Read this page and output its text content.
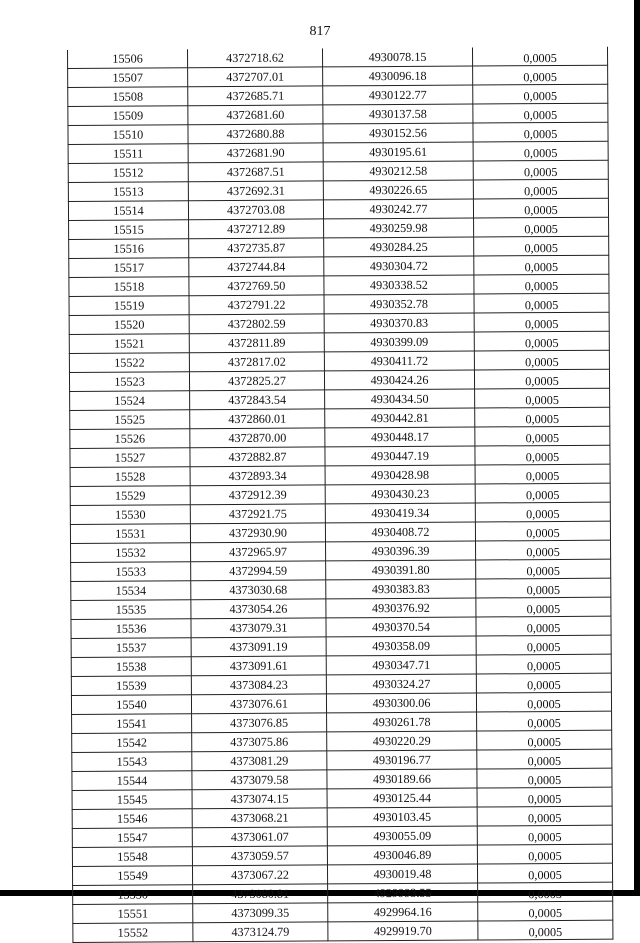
817
15506	4372718.62	4930078.15	0,0005
15507	4372707.01	4930096.18	0,0005
15508	4372685.71	4930122.77	0,0005
15509	4372681.60	4930137.58	0,0005
15510	4372680.88	4930152.56	0,0005
15511	4372681.90	4930195.61	0,0005
15512	4372687.51	4930212.58	0,0005
15513	4372692.31	4930226.65	0,0005
15514	4372703.08	4930242.77	0,0005
15515	4372712.89	4930259.98	0,0005
15516	4372735.87	4930284.25	0,0005
15517	4372744.84	4930304.72	0,0005
15518	4372769.50	4930338.52	0,0005
15519	4372791.22	4930352.78	0,0005
15520	4372802.59	4930370.83	0,0005
15521	4372811.89	4930399.09	0,0005
15522	4372817.02	4930411.72	0,0005
15523	4372825.27	4930424.26	0,0005
15524	4372843.54	4930434.50	0,0005
15525	4372860.01	4930442.81	0,0005
15526	4372870.00	4930448.17	0,0005
15527	4372882.87	4930447.19	0,0005
15528	4372893.34	4930428.98	0,0005
15529	4372912.39	4930430.23	0,0005
15530	4372921.75	4930419.34	0,0005
15531	4372930.90	4930408.72	0,0005
15532	4372965.97	4930396.39	0,0005
15533	4372994.59	4930391.80	0,0005
15534	4373030.68	4930383.83	0,0005
15535	4373054.26	4930376.92	0,0005
15536	4373079.31	4930370.54	0,0005
15537	4373091.19	4930358.09	0,0005
15538	4373091.61	4930347.71	0,0005
15539	4373084.23	4930324.27	0,0005
15540	4373076.61	4930300.06	0,0005
15541	4373076.85	4930261.78	0,0005
15542	4373075.86	4930220.29	0,0005
15543	4373081.29	4930196.77	0,0005
15544	4373079.58	4930189.66	0,0005
15545	4373074.15	4930125.44	0,0005
15546	4373068.21	4930103.45	0,0005
15547	4373061.07	4930055.09	0,0005
15548	4373059.57	4930046.89	0,0005
15549	4373067.22	4930019.48	0,0005
15550	4373080.81	4929993.55	0,0005
15551	4373099.35	4929964.16	0,0005
15552	4373124.79	4929919.70	0,0005
